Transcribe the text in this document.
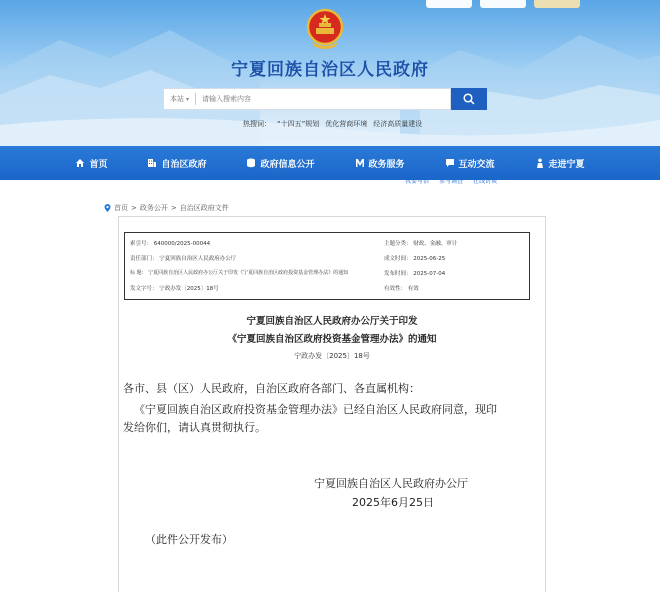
宁夏回族自治区人民政府
本站 ▾
请输入搜索内容
热搜词： “十四五”规划 优化营商环境 经济高质量建设
首页	自治区政府	政府信息公开	政务服务	互动交流	走进宁夏
我要写信 参与调查 在线访谈
首页 > 政务公开 > 自治区政府文件
索引号： 640000/2025-00044	主题分类： 财政、金融、审计
责任部门： 宁夏回族自治区人民政府办公厅	成文时间： 2025-06-25
标 题： 宁夏回族自治区人民政府办公厅关于印发《宁夏回族自治区政府投资基金管理办法》的通知	发布时间： 2025-07-04
发文字号： 宁政办发〔2025〕18号	有效性： 有效
宁夏回族自治区人民政府办公厅关于印发
《宁夏回族自治区政府投资基金管理办法》的通知
宁政办发〔2025〕18号
各市、县（区）人民政府，自治区政府各部门、各直属机构：
《宁夏回族自治区政府投资基金管理办法》已经自治区人民政府同意，现印
发给你们，请认真贯彻执行。
宁夏回族自治区人民政府办公厅
2025年6月25日
（此件公开发布）
